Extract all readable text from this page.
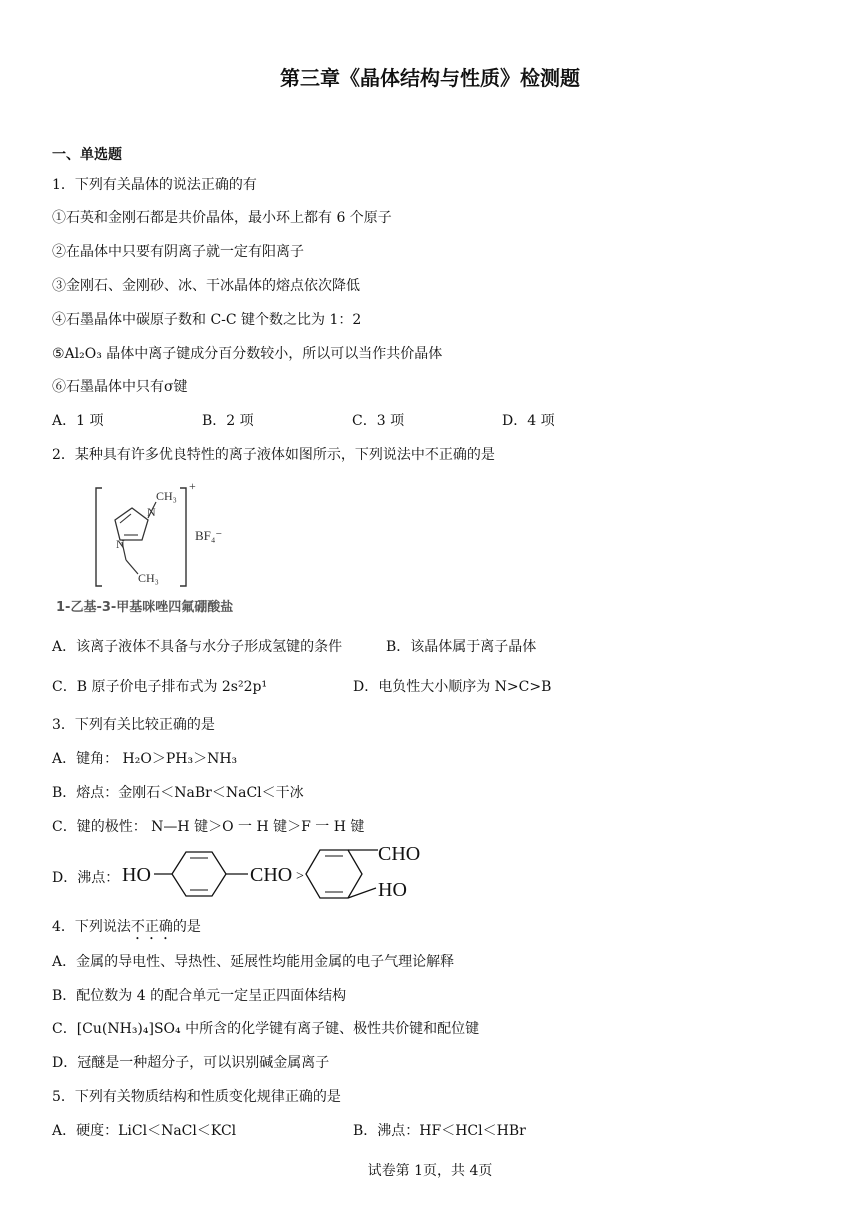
第三章《晶体结构与性质》检测题
一、单选题
1．下列有关晶体的说法正确的有
①石英和金刚石都是共价晶体，最小环上都有 6 个原子
②在晶体中只要有阴离子就一定有阳离子
③金刚石、金刚砂、冰、干冰晶体的熔点依次降低
④石墨晶体中碳原子数和 C-C 键个数之比为 1：2
⑤Al₂O₃ 晶体中离子键成分百分数较小，所以可以当作共价晶体
⑥石墨晶体中只有σ键
A．1 项	B．2 项	C．3 项	D．4 项
2．某种具有许多优良特性的离子液体如图所示，下列说法中不正确的是
N
N
CH₃
CH₃
+
BF₄⁻
1-乙基-3-甲基咪唑四氟硼酸盐
A．该离子液体不具备与水分子形成氢键的条件	B．该晶体属于离子晶体
C．B 原子价电子排布式为 2s²2p¹	D．电负性大小顺序为 N>C>B
3．下列有关比较正确的是
A．键角： H₂O＞PH₃＞NH₃
B．熔点：金刚石＜NaBr＜NaCl＜干冰
C．键的极性： N—H 键＞O 一 H 键＞F 一 H 键
D．沸点： HO	CHO >
CHO
HO
4．下列说法不正确的是
A．金属的导电性、导热性、延展性均能用金属的电子气理论解释
B．配位数为 4 的配合单元一定呈正四面体结构
C．[Cu(NH₃)₄]SO₄ 中所含的化学键有离子键、极性共价键和配位键
D．冠醚是一种超分子，可以识别碱金属离子
5．下列有关物质结构和性质变化规律正确的是
A．硬度：LiCl＜NaCl＜KCl	B．沸点：HF＜HCl＜HBr
试卷第 1页，共 4页
